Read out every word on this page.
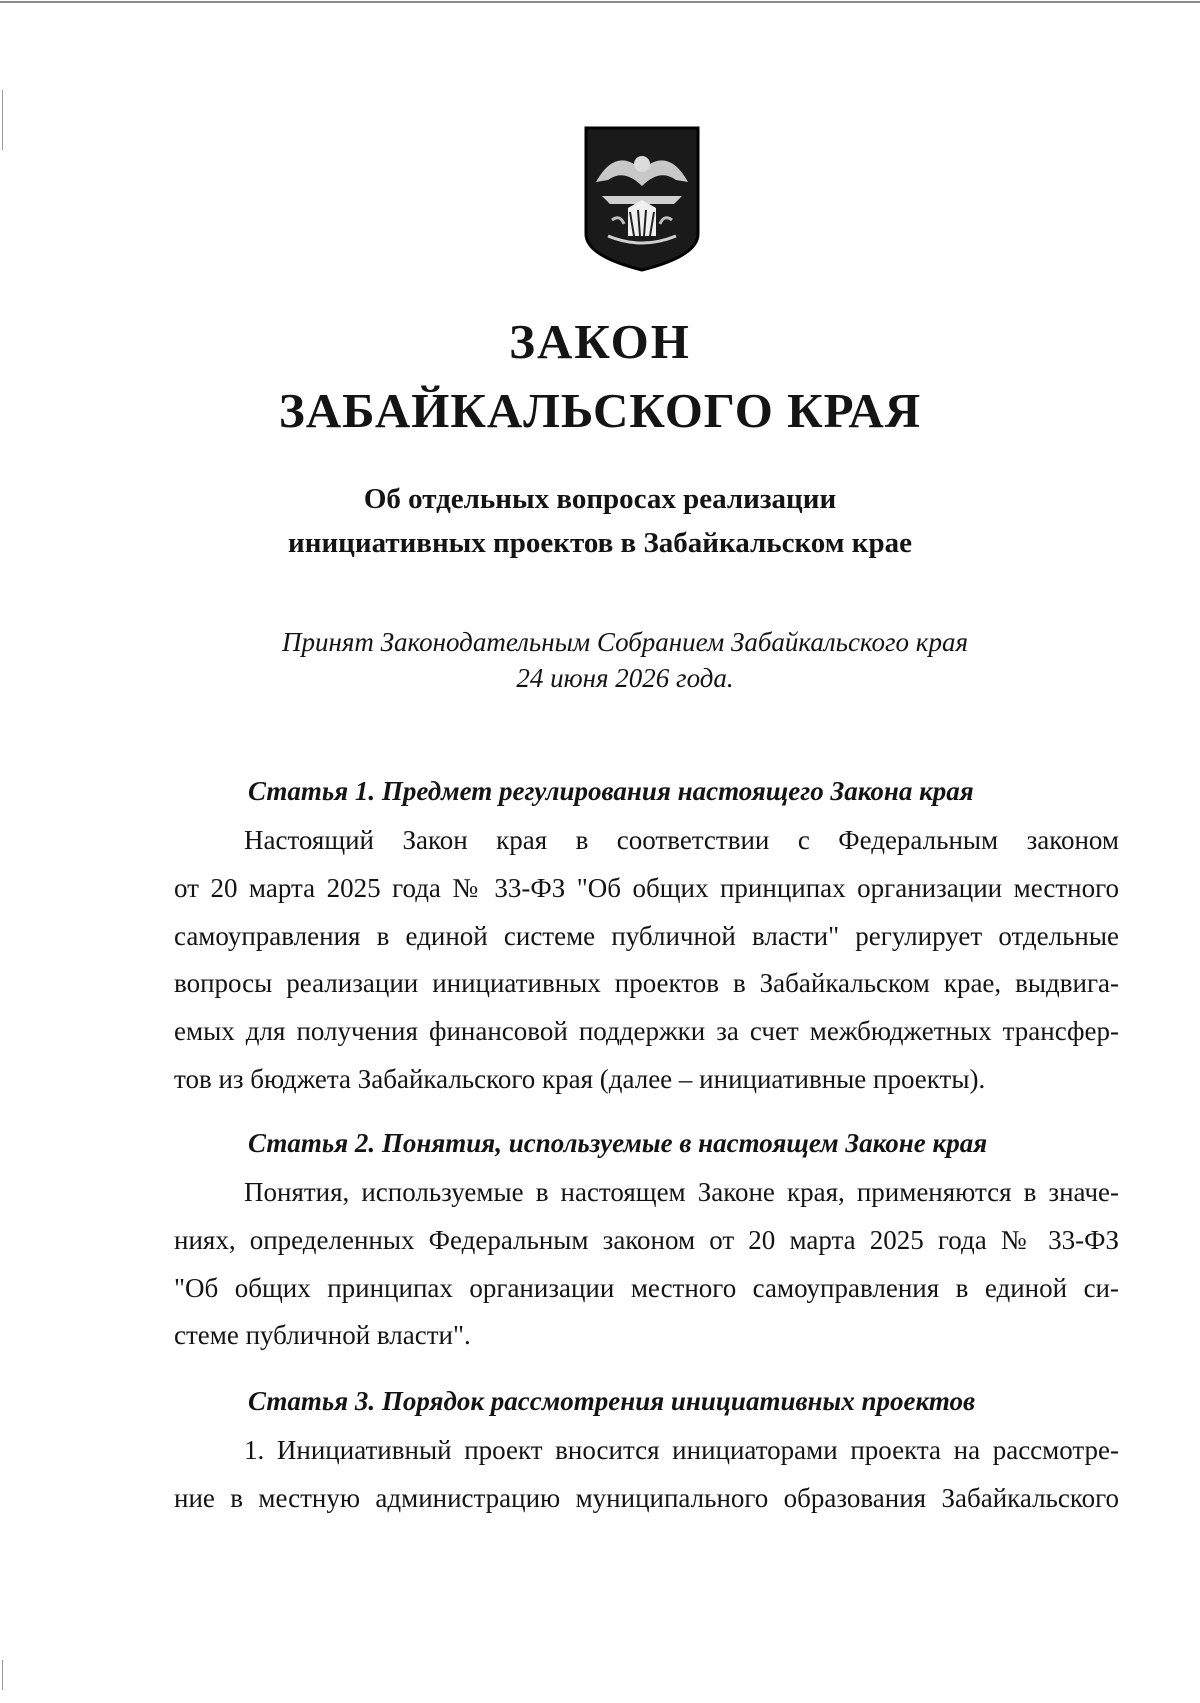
ЗАКОН
ЗАБАЙКАЛЬСКОГО КРАЯ
Об отдельных вопросах реализации
инициативных проектов в Забайкальском крае
Принят Законодательным Собранием Забайкальского края
24 июня 2026 года.
Статья 1. Предмет регулирования настоящего Закона края
Настоящий Закон края в соответствии с Федеральным законом
от 20 марта 2025 года № 33-ФЗ "Об общих принципах организации местного
самоуправления в единой системе публичной власти" регулирует отдельные
вопросы реализации инициативных проектов в Забайкальском крае, выдвига-
емых для получения финансовой поддержки за счет межбюджетных трансфер-
тов из бюджета Забайкальского края (далее – инициативные проекты).
Статья 2. Понятия, используемые в настоящем Законе края
Понятия, используемые в настоящем Законе края, применяются в значе-
ниях, определенных Федеральным законом от 20 марта 2025 года № 33-ФЗ
"Об общих принципах организации местного самоуправления в единой си-
стеме публичной власти".
Статья 3. Порядок рассмотрения инициативных проектов
1. Инициативный проект вносится инициаторами проекта на рассмотре-
ние в местную администрацию муниципального образования Забайкальского
